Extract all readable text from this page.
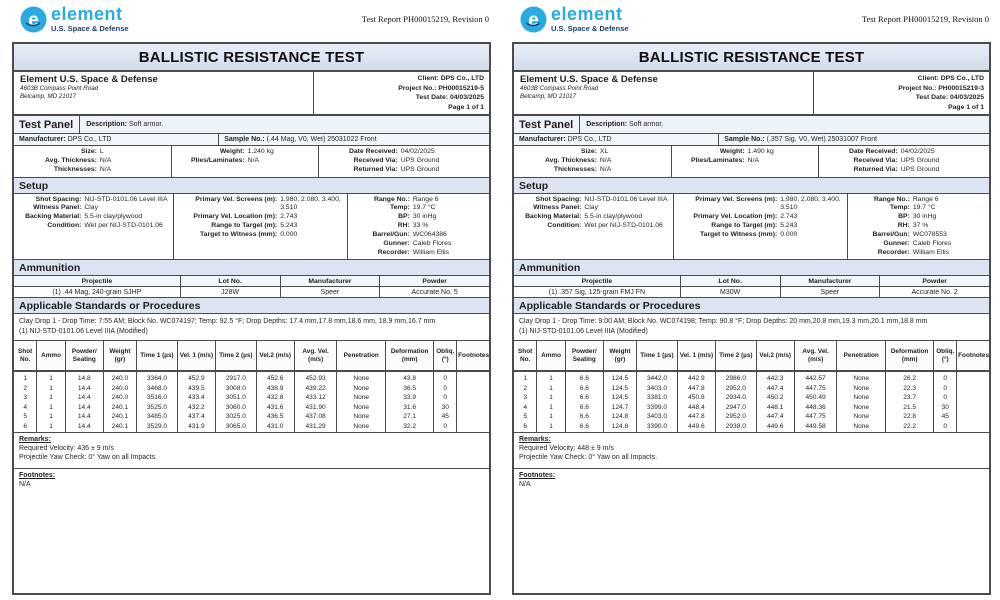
e element
U.S. Space & Defense
Test Report PH00015219, Revision 0
BALLISTIC RESISTANCE TEST
Element U.S. Space & Defense
4603B Compass Point Road
Belcamp, MD 21017
Client: DPS Co., LTD
Project No.: PH00015219-5
Test Date: 04/03/2025
Page 1 of 1
Test Panel	Description: Soft armor.
Manufacturer: DPS Co., LTD	Sample No.: (.44 Mag, V0, Wet) 25031022 Front
Size: L
Avg. Thickness: N/A
Thicknesses: N/A
Weight: 1.240 kg
Plies/Laminates: N/A
Date Received: 04/02/2025
Received Via: UPS Ground
Returned Via: UPS Ground
Setup
Shot Spacing: NIJ-STD-0101.06 Level IIIA
Witness Panel: Clay
Backing Material: 5.5-in clay/plywood
Condition: Wet per NIJ-STD-0101.06
Primary Vel. Screens (m): 1.980, 2.080, 3.400, 3.510
Primary Vel. Location (m): 2.743
Range to Target (m): 5.243
Target to Witness (mm): 0.000
Range No.: Range 6
Temp: 19.7 °C
BP: 30 inHg
RH: 33 %
Barrel/Gun: WC064386
Gunner: Caleb Flores
Recorder: William Ellis
Ammunition
Projectile	Lot No.	Manufacturer	Powder
(1) .44 Mag, 240-grain SJHP	J28W	Speer	Accurate No. 5
Applicable Standards or Procedures
Clay Drop 1 - Drop Time: 7:55 AM; Block No. WC074197; Temp: 92.5 °F; Drop Depths: 17.4 mm,17.8 mm,18.6 mm, 18.9 mm,16.7 mm
(1) NIJ-STD-0101.06 Level IIIA (Modified)
Shot No.	Ammo	Powder/ Seating	Weight (gr)	Time 1 (µs)	Vel. 1 (m/s)	Time 2 (µs)	Vel.2 (m/s)	Avg. Vel. (m/s)	Penetration	Deformation (mm)	Obliq. (°)	Footnotes
1	1	14.8	240.0	3364.0	452.9	2917.0	452.6	452.93	None	43.8	0	
2	1	14.4	240.0	3468.0	439.5	3008.0	438.9	439.22	None	36.5	0	
3	1	14.4	240.0	3516.0	433.4	3051.0	432.8	433.12	None	33.9	0	
4	1	14.4	240.1	3525.0	432.2	3060.0	431.6	431.90	None	31.6	30	
5	1	14.4	240.1	3485.0	437.4	3025.0	436.5	437.08	None	27.1	45	
6	1	14.4	240.1	3529.0	431.9	3065.0	431.0	431.29	None	32.2	0	
Remarks:
Required Velocity: 436 ± 9 m/s
Projectile Yaw Check: 0° Yaw on all Impacts.
Footnotes:
N/A
e element
U.S. Space & Defense
Test Report PH00015219, Revision 0
BALLISTIC RESISTANCE TEST
Element U.S. Space & Defense
4603B Compass Point Road
Belcamp, MD 21017
Client: DPS Co., LTD
Project No.: PH00015219-3
Test Date: 04/03/2025
Page 1 of 1
Test Panel	Description: Soft armor.
Manufacturer: DPS Co., LTD	Sample No.: (.357 Sig, V0, Wet) 25031007 Front
Size: XL
Avg. Thickness: N/A
Thicknesses: N/A
Weight: 1.490 kg
Plies/Laminates: N/A
Date Received: 04/02/2025
Received Via: UPS Ground
Returned Via: UPS Ground
Setup
Shot Spacing: NIJ-STD-0101.06 Level IIIA
Witness Panel: Clay
Backing Material: 5.5-in clay/plywood
Condition: Wet per NIJ-STD-0101.06
Primary Vel. Screens (m): 1.980, 2.080, 3.400, 3.510
Primary Vel. Location (m): 2.743
Range to Target (m): 5.243
Target to Witness (mm): 0.000
Range No.: Range 6
Temp: 19.7 °C
BP: 30 inHg
RH: 37 %
Barrel/Gun: WC078553
Gunner: Caleb Flores
Recorder: William Ellis
Ammunition
Projectile	Lot No.	Manufacturer	Powder
(1) .357 Sig, 125-grain FMJ FN	M30W	Speer	Accurate No. 2
Applicable Standards or Procedures
Clay Drop 1 - Drop Time: 9:00 AM; Block No. WC074198; Temp: 90.8 °F; Drop Depths: 20 mm,20.8 mm,19.3 mm,20.1 mm,18.8 mm
(1) NIJ-STD-0101.06 Level IIIA (Modified)
Shot No.	Ammo	Powder/ Seating	Weight (gr)	Time 1 (µs)	Vel. 1 (m/s)	Time 2 (µs)	Vel.2 (m/s)	Avg. Vel. (m/s)	Penetration	Deformation (mm)	Obliq. (°)	Footnotes
1	1	6.6	124.5	3442.0	442.9	2986.0	442.3	442.57	None	26.2	0	
2	1	6.6	124.5	3403.0	447.8	2952.0	447.4	447.75	None	22.3	0	
3	1	6.6	124.5	3381.0	450.8	2934.0	450.2	450.49	None	23.7	0	
4	1	6.6	124.7	3399.0	448.4	2947.0	448.1	448.36	None	21.5	30	
5	1	6.6	124.8	3403.0	447.8	2952.0	447.4	447.75	None	22.8	45	
6	1	6.6	124.8	3390.0	449.6	2938.0	449.6	449.58	None	22.2	0	
Remarks:
Required Velocity: 448 ± 9 m/s
Projectile Yaw Check: 0° Yaw on all Impacts.
Footnotes:
N/A
